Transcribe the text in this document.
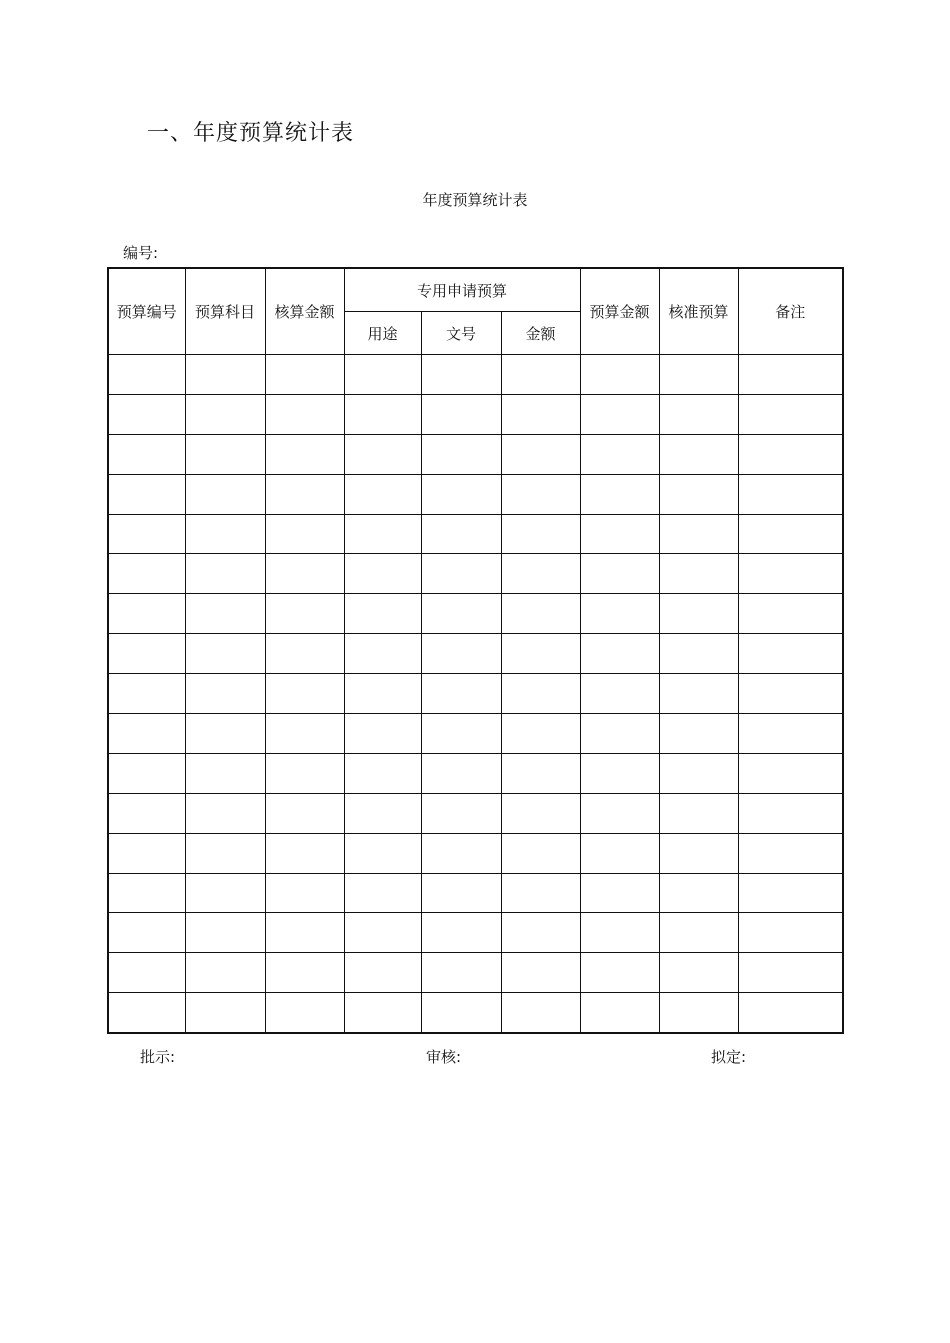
一、年度预算统计表
年度预算统计表
编号:
预算编号	预算科目	核算金额	专用申请预算			预算金额	核准预算	备注
			用途	文号	金额			

批示:	审核:	拟定:
